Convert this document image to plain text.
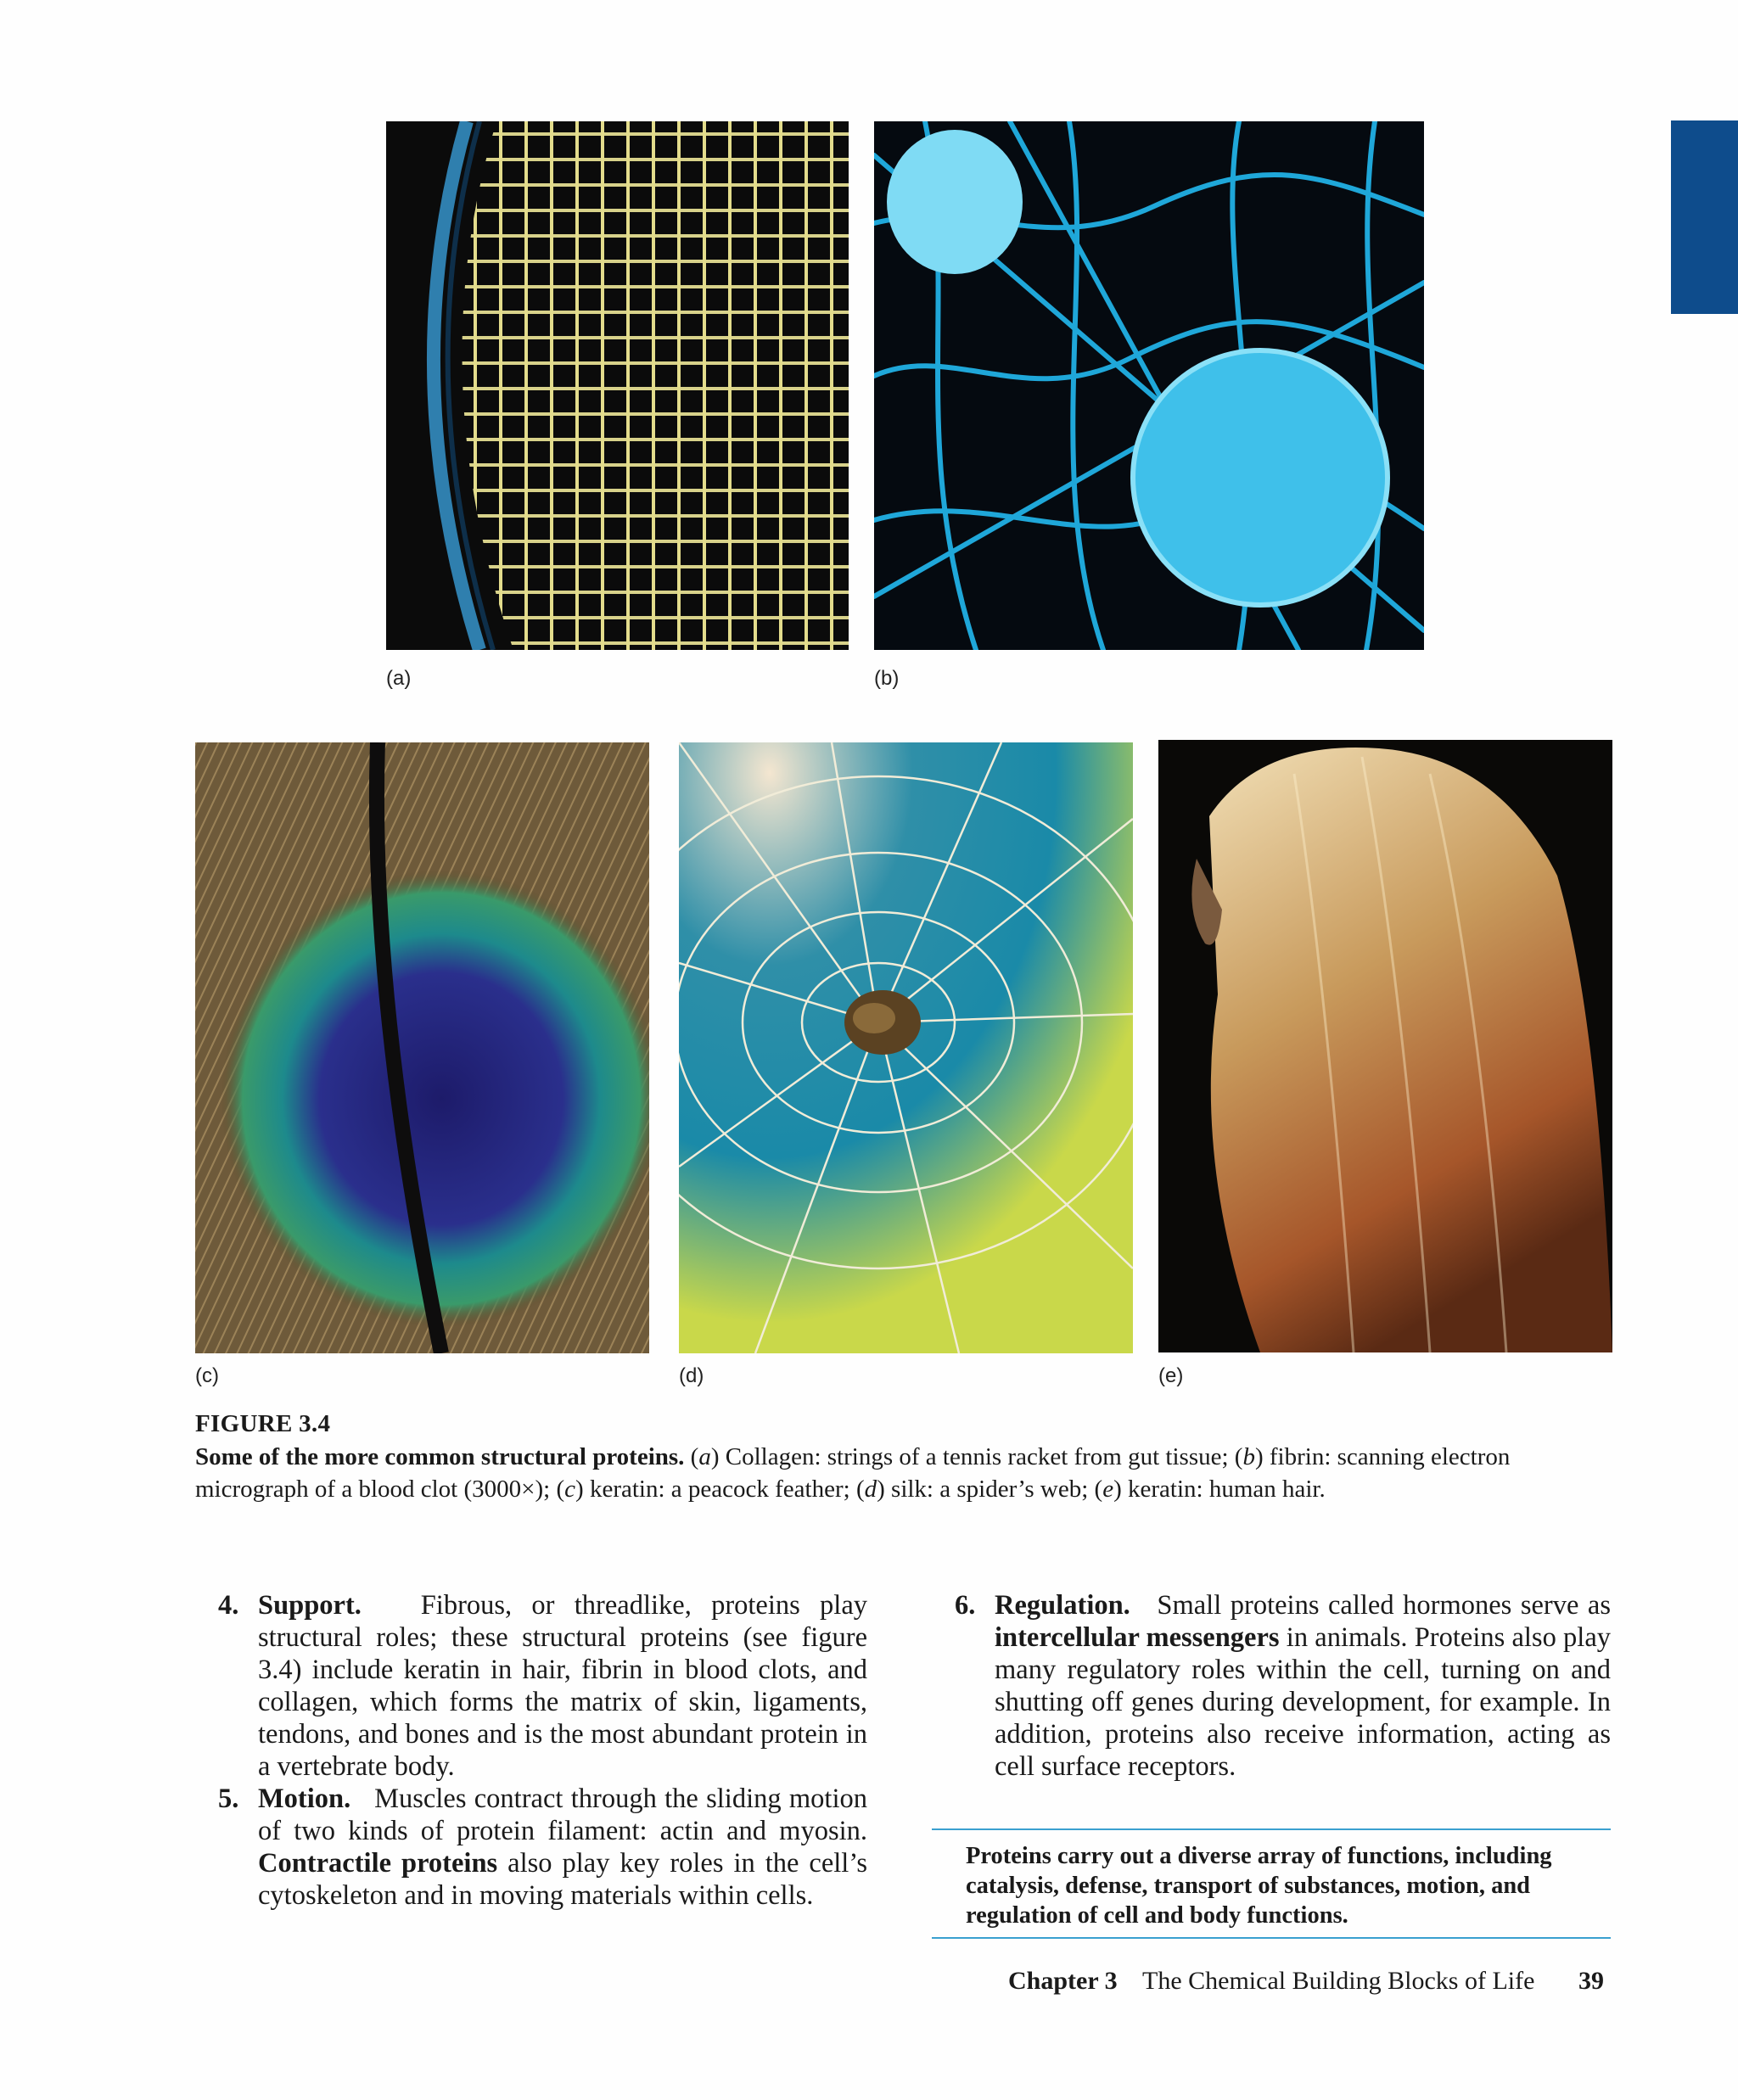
(a)	(b)
(c)	(d)	(e)
FIGURE 3.4
Some of the more common structural proteins. (a) Collagen: strings of a tennis racket from gut tissue; (b) fibrin: scanning electron micrograph of a blood clot (3000×); (c) keratin: a peacock feather; (d) silk: a spider’s web; (e) keratin: human hair.
4. Support. Fibrous, or threadlike, proteins play structural roles; these structural proteins (see figure 3.4) include keratin in hair, fibrin in blood clots, and collagen, which forms the matrix of skin, ligaments, tendons, and bones and is the most abundant protein in a vertebrate body.
5. Motion. Muscles contract through the sliding motion of two kinds of protein filament: actin and myosin. Contractile proteins also play key roles in the cell’s cytoskeleton and in moving materials within cells.
6. Regulation. Small proteins called hormones serve as intercellular messengers in animals. Proteins also play many regulatory roles within the cell, turning on and shutting off genes during development, for example. In addition, proteins also receive information, acting as cell surface receptors.
Proteins carry out a diverse array of functions, including catalysis, defense, transport of substances, motion, and regulation of cell and body functions.
Chapter 3 The Chemical Building Blocks of Life 39
